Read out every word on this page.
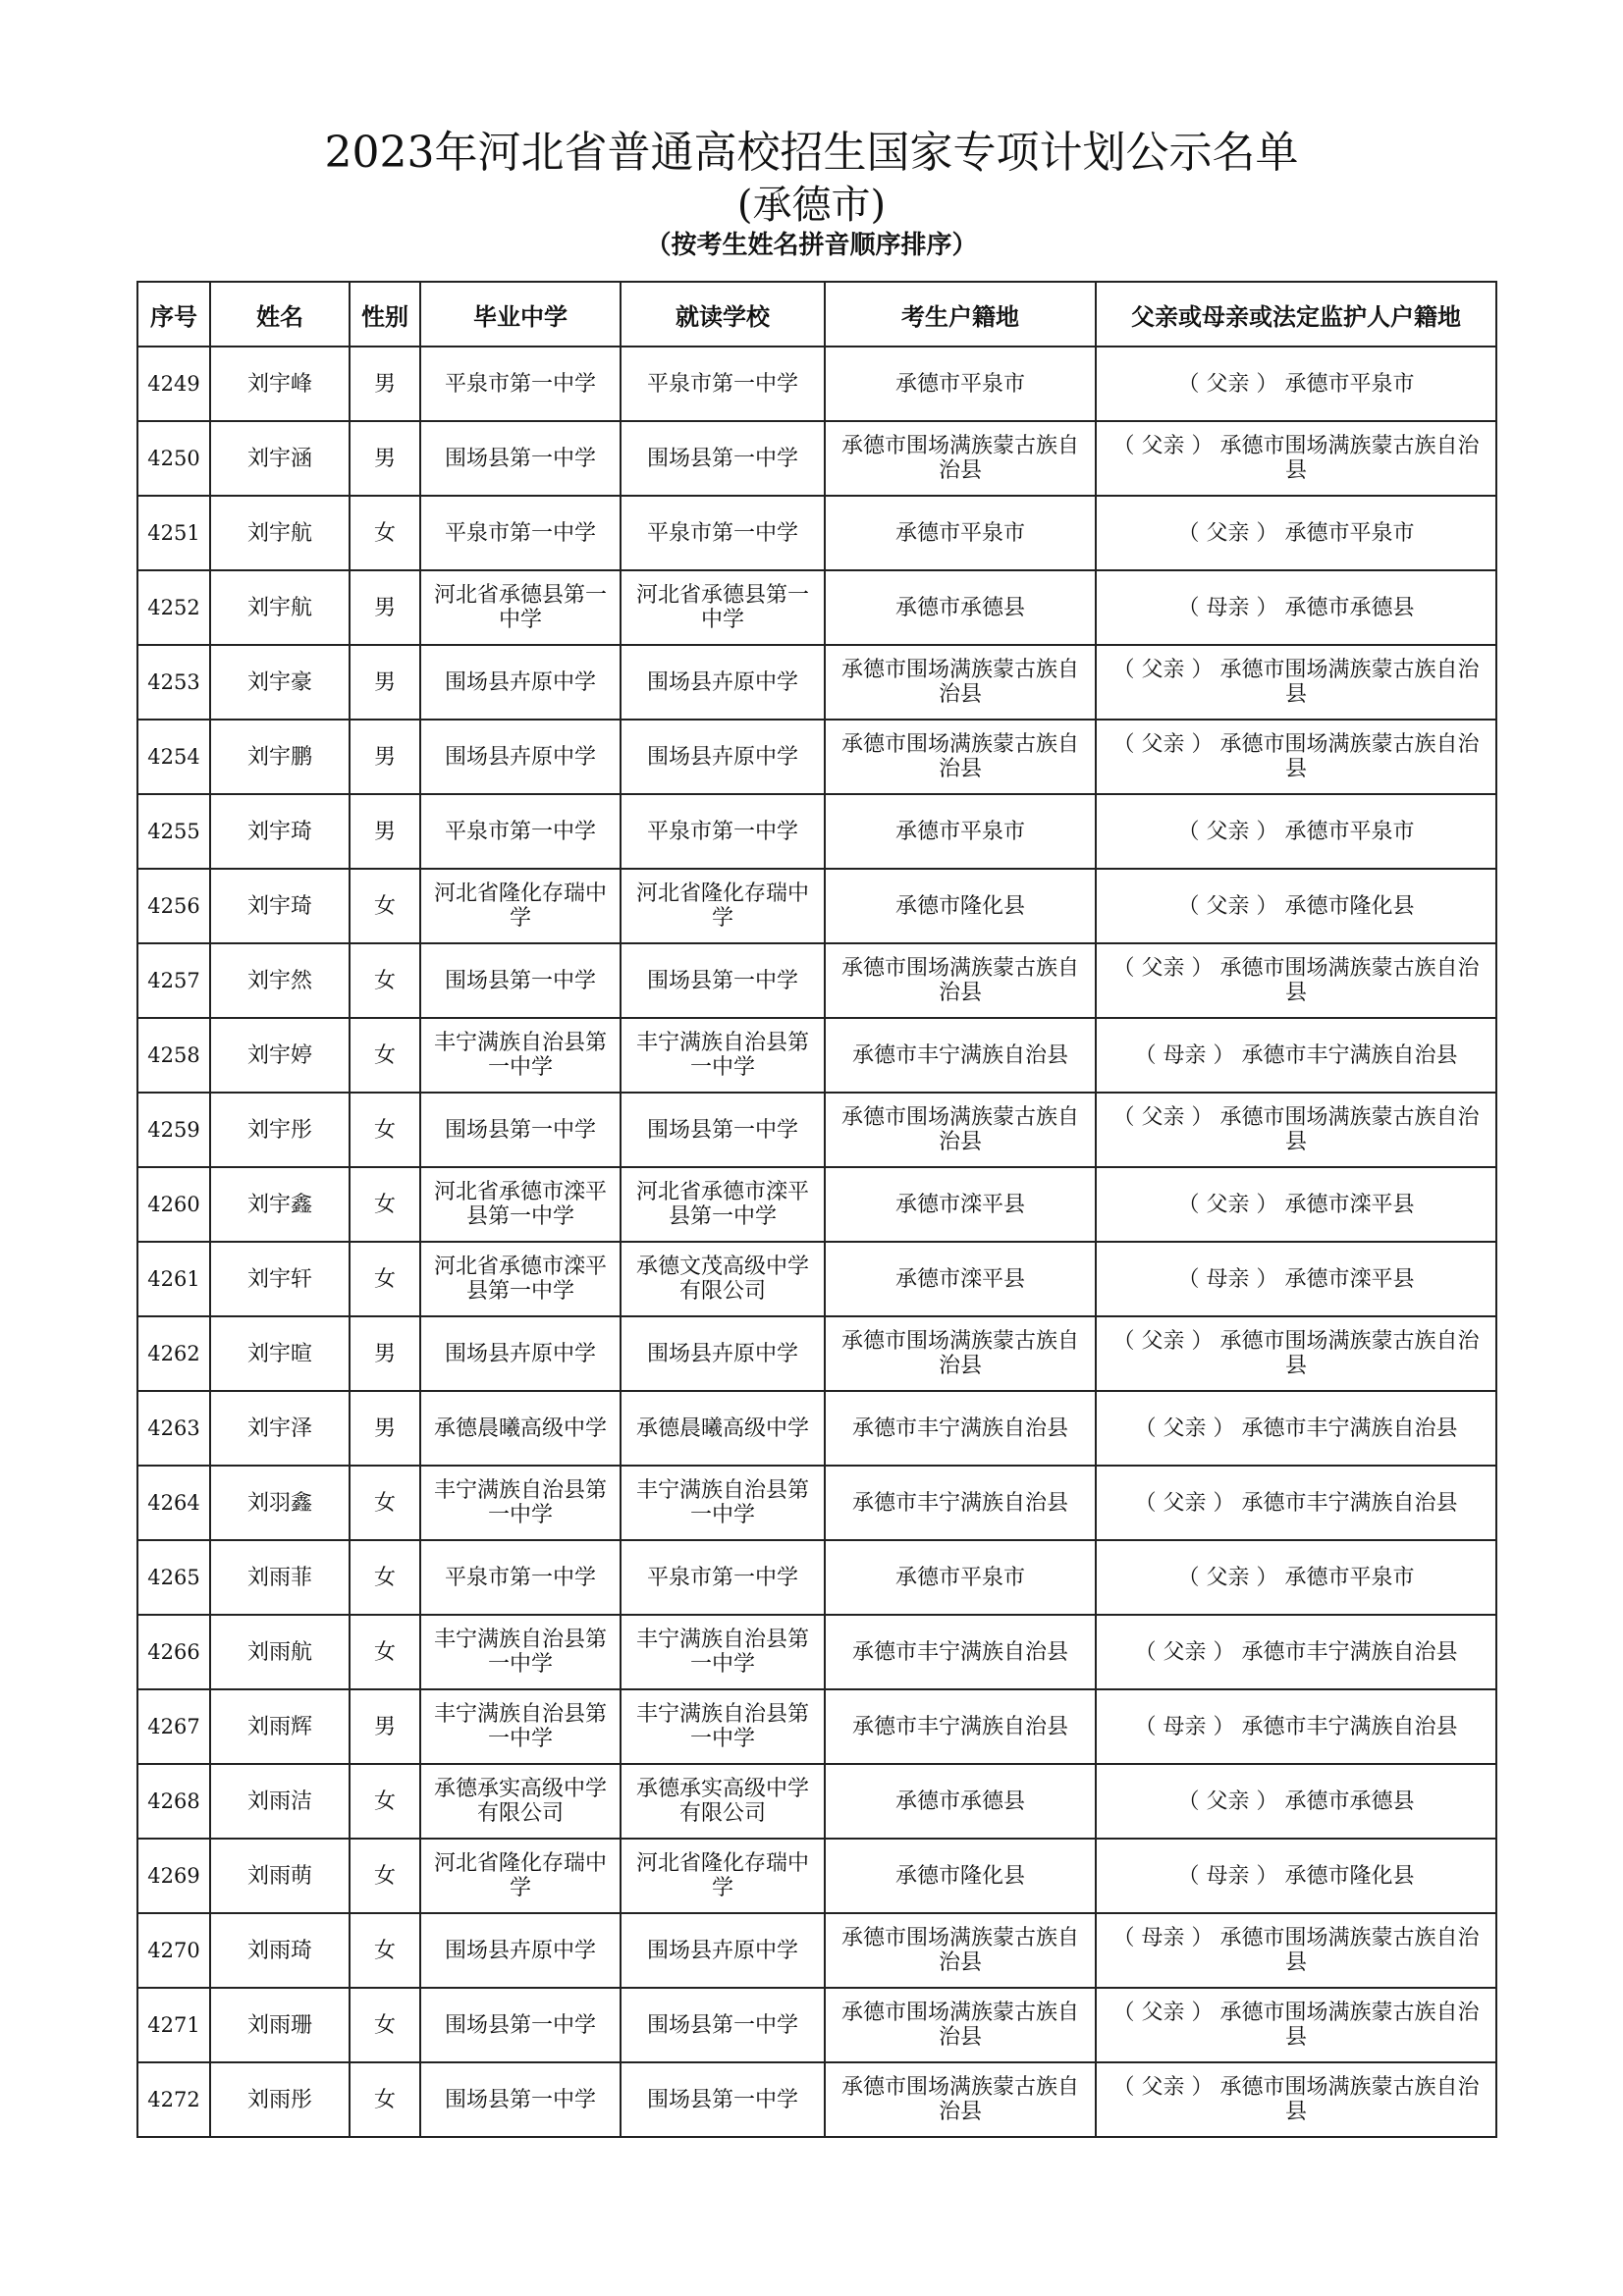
2023年河北省普通高校招生国家专项计划公示名单
(承德市)
（按考生姓名拼音顺序排序）
序号	姓名	性别	毕业中学	就读学校	考生户籍地	父亲或母亲或法定监护人户籍地
4249	刘宇峰	男	平泉市第一中学	平泉市第一中学	承德市平泉市	（ 父亲 ） 承德市平泉市
4250	刘宇涵	男	围场县第一中学	围场县第一中学	承德市围场满族蒙古族自治县	（ 父亲 ） 承德市围场满族蒙古族自治县
4251	刘宇航	女	平泉市第一中学	平泉市第一中学	承德市平泉市	（ 父亲 ） 承德市平泉市
4252	刘宇航	男	河北省承德县第一中学	河北省承德县第一中学	承德市承德县	（ 母亲 ） 承德市承德县
4253	刘宇豪	男	围场县卉原中学	围场县卉原中学	承德市围场满族蒙古族自治县	（ 父亲 ） 承德市围场满族蒙古族自治县
4254	刘宇鹏	男	围场县卉原中学	围场县卉原中学	承德市围场满族蒙古族自治县	（ 父亲 ） 承德市围场满族蒙古族自治县
4255	刘宇琦	男	平泉市第一中学	平泉市第一中学	承德市平泉市	（ 父亲 ） 承德市平泉市
4256	刘宇琦	女	河北省隆化存瑞中学	河北省隆化存瑞中学	承德市隆化县	（ 父亲 ） 承德市隆化县
4257	刘宇然	女	围场县第一中学	围场县第一中学	承德市围场满族蒙古族自治县	（ 父亲 ） 承德市围场满族蒙古族自治县
4258	刘宇婷	女	丰宁满族自治县第一中学	丰宁满族自治县第一中学	承德市丰宁满族自治县	（ 母亲 ） 承德市丰宁满族自治县
4259	刘宇彤	女	围场县第一中学	围场县第一中学	承德市围场满族蒙古族自治县	（ 父亲 ） 承德市围场满族蒙古族自治县
4260	刘宇鑫	女	河北省承德市滦平县第一中学	河北省承德市滦平县第一中学	承德市滦平县	（ 父亲 ） 承德市滦平县
4261	刘宇轩	女	河北省承德市滦平县第一中学	承德文茂高级中学有限公司	承德市滦平县	（ 母亲 ） 承德市滦平县
4262	刘宇暄	男	围场县卉原中学	围场县卉原中学	承德市围场满族蒙古族自治县	（ 父亲 ） 承德市围场满族蒙古族自治县
4263	刘宇泽	男	承德晨曦高级中学	承德晨曦高级中学	承德市丰宁满族自治县	（ 父亲 ） 承德市丰宁满族自治县
4264	刘羽鑫	女	丰宁满族自治县第一中学	丰宁满族自治县第一中学	承德市丰宁满族自治县	（ 父亲 ） 承德市丰宁满族自治县
4265	刘雨菲	女	平泉市第一中学	平泉市第一中学	承德市平泉市	（ 父亲 ） 承德市平泉市
4266	刘雨航	女	丰宁满族自治县第一中学	丰宁满族自治县第一中学	承德市丰宁满族自治县	（ 父亲 ） 承德市丰宁满族自治县
4267	刘雨辉	男	丰宁满族自治县第一中学	丰宁满族自治县第一中学	承德市丰宁满族自治县	（ 母亲 ） 承德市丰宁满族自治县
4268	刘雨洁	女	承德承实高级中学有限公司	承德承实高级中学有限公司	承德市承德县	（ 父亲 ） 承德市承德县
4269	刘雨萌	女	河北省隆化存瑞中学	河北省隆化存瑞中学	承德市隆化县	（ 母亲 ） 承德市隆化县
4270	刘雨琦	女	围场县卉原中学	围场县卉原中学	承德市围场满族蒙古族自治县	（ 母亲 ） 承德市围场满族蒙古族自治县
4271	刘雨珊	女	围场县第一中学	围场县第一中学	承德市围场满族蒙古族自治县	（ 父亲 ） 承德市围场满族蒙古族自治县
4272	刘雨彤	女	围场县第一中学	围场县第一中学	承德市围场满族蒙古族自治县	（ 父亲 ） 承德市围场满族蒙古族自治县
